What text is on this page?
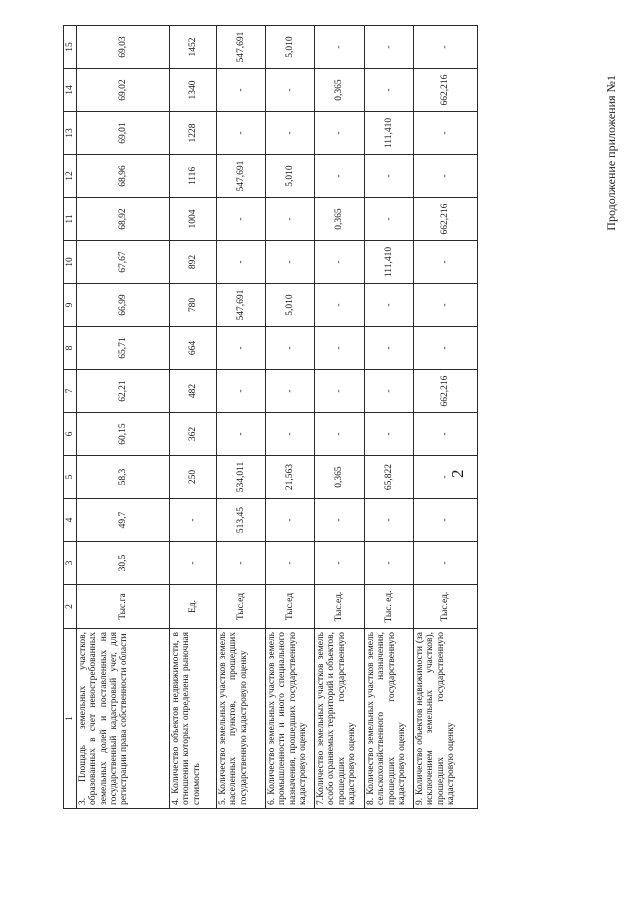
2
Продолжение приложения №1
1	2	3	4	5	6	7	8	9	10	11	12	13	14	15
3. Площадь земельных участков, образованных в счет невостребованных земельных долей и поставленных на государственный кадастровый учет, для регистрации права собственности области	Тыс.га	30,5	49,7	58,3	60,15	62,21	65,71	66,99	67,67	68,92	68,96	69,01	69,02	69,03
4. Количество объектов недвижимости, в отношении которых определена рыночная стоимость	Ед.	-	-	250	362	482	664	780	892	1004	1116	1228	1340	1452
5. Количество земельных участков земель населенных пунктов, прошедших государственную кадастровую оценку	Тыс.ед	-	513,45	534,011	-	-	-	547,691	-	-	547,691	-	-	547,691
6. Количество земельных участков земель промышленности и иного специального назначения, прошедших государственную кадастровую оценку	Тыс.ед	-	-	21,563	-	-	-	5,010	-	-	5,010	-	-	5,010
7.Количество земельных участков земель особо охраняемых территорий и объектов, прошедших государственную кадастровую оценку	Тыс.ед.	-	-	0,365	-	-	-	-	-	0,365	-	-	0,365	-
8. Количество земельных участков земель сельскохозяйственного назначения, прошедших государственную кадастровую оценку	Тыс. ед.	-	-	65,822	-	-	-	-	111,410	-	-	111,410	-	-
9. Количество объектов недвижимости (за исключением земельных участков), прошедших государственную кадастровую оценку	Тыс.ед.	-	-	-	-	662,216	-	-	-	662,216	-	-	662,216	-
